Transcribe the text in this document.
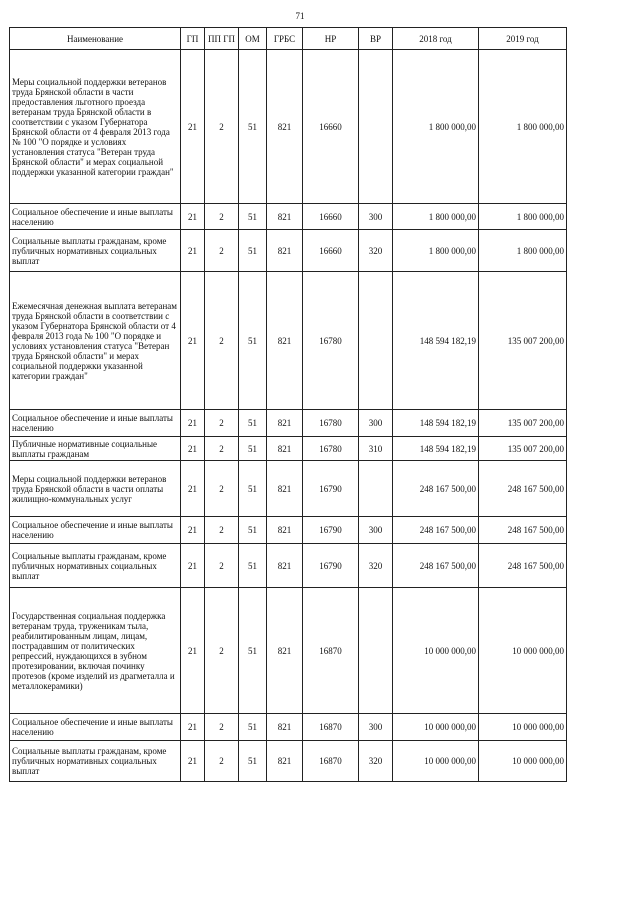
71
Наименование	ГП	ПП ГП	ОМ	ГРБС	НР	ВР	2018 год	2019 год
Меры социальной поддержки ветеранов труда Брянской области в части предоставления льготного проезда ветеранам труда Брянской области в соответствии с указом Губернатора Брянской области от 4 февраля 2013 года № 100 "О порядке и условиях установления статуса "Ветеран труда Брянской области" и мерах социальной поддержки указанной категории граждан"	21	2	51	821	16660		1 800 000,00	1 800 000,00
Социальное обеспечение и иные выплаты населению	21	2	51	821	16660	300	1 800 000,00	1 800 000,00
Социальные выплаты гражданам, кроме публичных нормативных социальных выплат	21	2	51	821	16660	320	1 800 000,00	1 800 000,00
Ежемесячная денежная выплата ветеранам труда Брянской области в соответствии с указом Губернатора Брянской области от 4 февраля 2013 года № 100 "О порядке и условиях установления статуса "Ветеран труда Брянской области" и мерах социальной поддержки указанной категории граждан"	21	2	51	821	16780		148 594 182,19	135 007 200,00
Социальное обеспечение и иные выплаты населению	21	2	51	821	16780	300	148 594 182,19	135 007 200,00
Публичные нормативные социальные выплаты гражданам	21	2	51	821	16780	310	148 594 182,19	135 007 200,00
Меры социальной поддержки ветеранов труда Брянской области в части оплаты жилищно-коммунальных услуг	21	2	51	821	16790		248 167 500,00	248 167 500,00
Социальное обеспечение и иные выплаты населению	21	2	51	821	16790	300	248 167 500,00	248 167 500,00
Социальные выплаты гражданам, кроме публичных нормативных социальных выплат	21	2	51	821	16790	320	248 167 500,00	248 167 500,00
Государственная социальная поддержка ветеранам труда, труженикам тыла, реабилитированным лицам, лицам, пострадавшим от политических репрессий, нуждающихся в зубном протезировании, включая починку протезов (кроме изделий из драгметалла и металлокерамики)	21	2	51	821	16870		10 000 000,00	10 000 000,00
Социальное обеспечение и иные выплаты населению	21	2	51	821	16870	300	10 000 000,00	10 000 000,00
Социальные выплаты гражданам, кроме публичных нормативных социальных выплат	21	2	51	821	16870	320	10 000 000,00	10 000 000,00
